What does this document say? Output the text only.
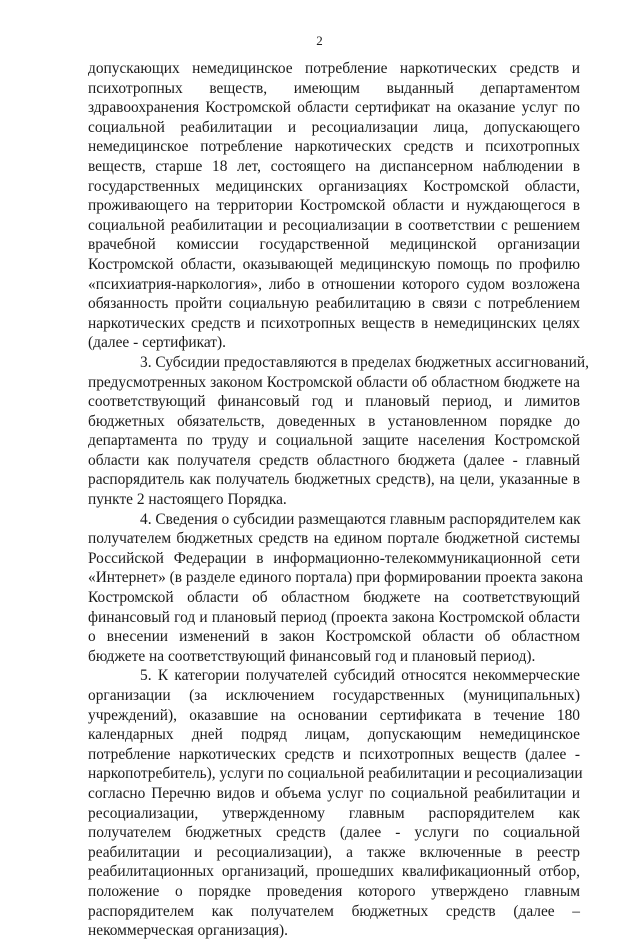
2
допускающих немедицинское потребление наркотических средств и
психотропных веществ, имеющим выданный департаментом
здравоохранения Костромской области сертификат на оказание услуг по
социальной реабилитации и ресоциализации лица, допускающего
немедицинское потребление наркотических средств и психотропных
веществ, старше 18 лет, состоящего на диспансерном наблюдении в
государственных медицинских организациях Костромской области,
проживающего на территории Костромской области и нуждающегося в
социальной реабилитации и ресоциализации в соответствии с решением
врачебной комиссии государственной медицинской организации
Костромской области, оказывающей медицинскую помощь по профилю
«психиатрия-наркология», либо в отношении которого судом возложена
обязанность пройти социальную реабилитацию в связи с потреблением
наркотических средств и психотропных веществ в немедицинских целях
(далее - сертификат).
3. Субсидии предоставляются в пределах бюджетных ассигнований,
предусмотренных законом Костромской области об областном бюджете на
соответствующий финансовый год и плановый период, и лимитов
бюджетных обязательств, доведенных в установленном порядке до
департамента по труду и социальной защите населения Костромской
области как получателя средств областного бюджета (далее - главный
распорядитель как получатель бюджетных средств), на цели, указанные в
пункте 2 настоящего Порядка.
4. Сведения о субсидии размещаются главным распорядителем как
получателем бюджетных средств на едином портале бюджетной системы
Российской Федерации в информационно-телекоммуникационной сети
«Интернет» (в разделе единого портала) при формировании проекта закона
Костромской области об областном бюджете на соответствующий
финансовый год и плановый период (проекта закона Костромской области
о внесении изменений в закон Костромской области об областном
бюджете на соответствующий финансовый год и плановый период).
5. К категории получателей субсидий относятся некоммерческие
организации (за исключением государственных (муниципальных)
учреждений), оказавшие на основании сертификата в течение 180
календарных дней подряд лицам, допускающим немедицинское
потребление наркотических средств и психотропных веществ (далее -
наркопотребитель), услуги по социальной реабилитации и ресоциализации
согласно Перечню видов и объема услуг по социальной реабилитации и
ресоциализации, утвержденному главным распорядителем как
получателем бюджетных средств (далее - услуги по социальной
реабилитации и ресоциализации), а также включенные в реестр
реабилитационных организаций, прошедших квалификационный отбор,
положение о порядке проведения которого утверждено главным
распорядителем как получателем бюджетных средств (далее –
некоммерческая организация).
